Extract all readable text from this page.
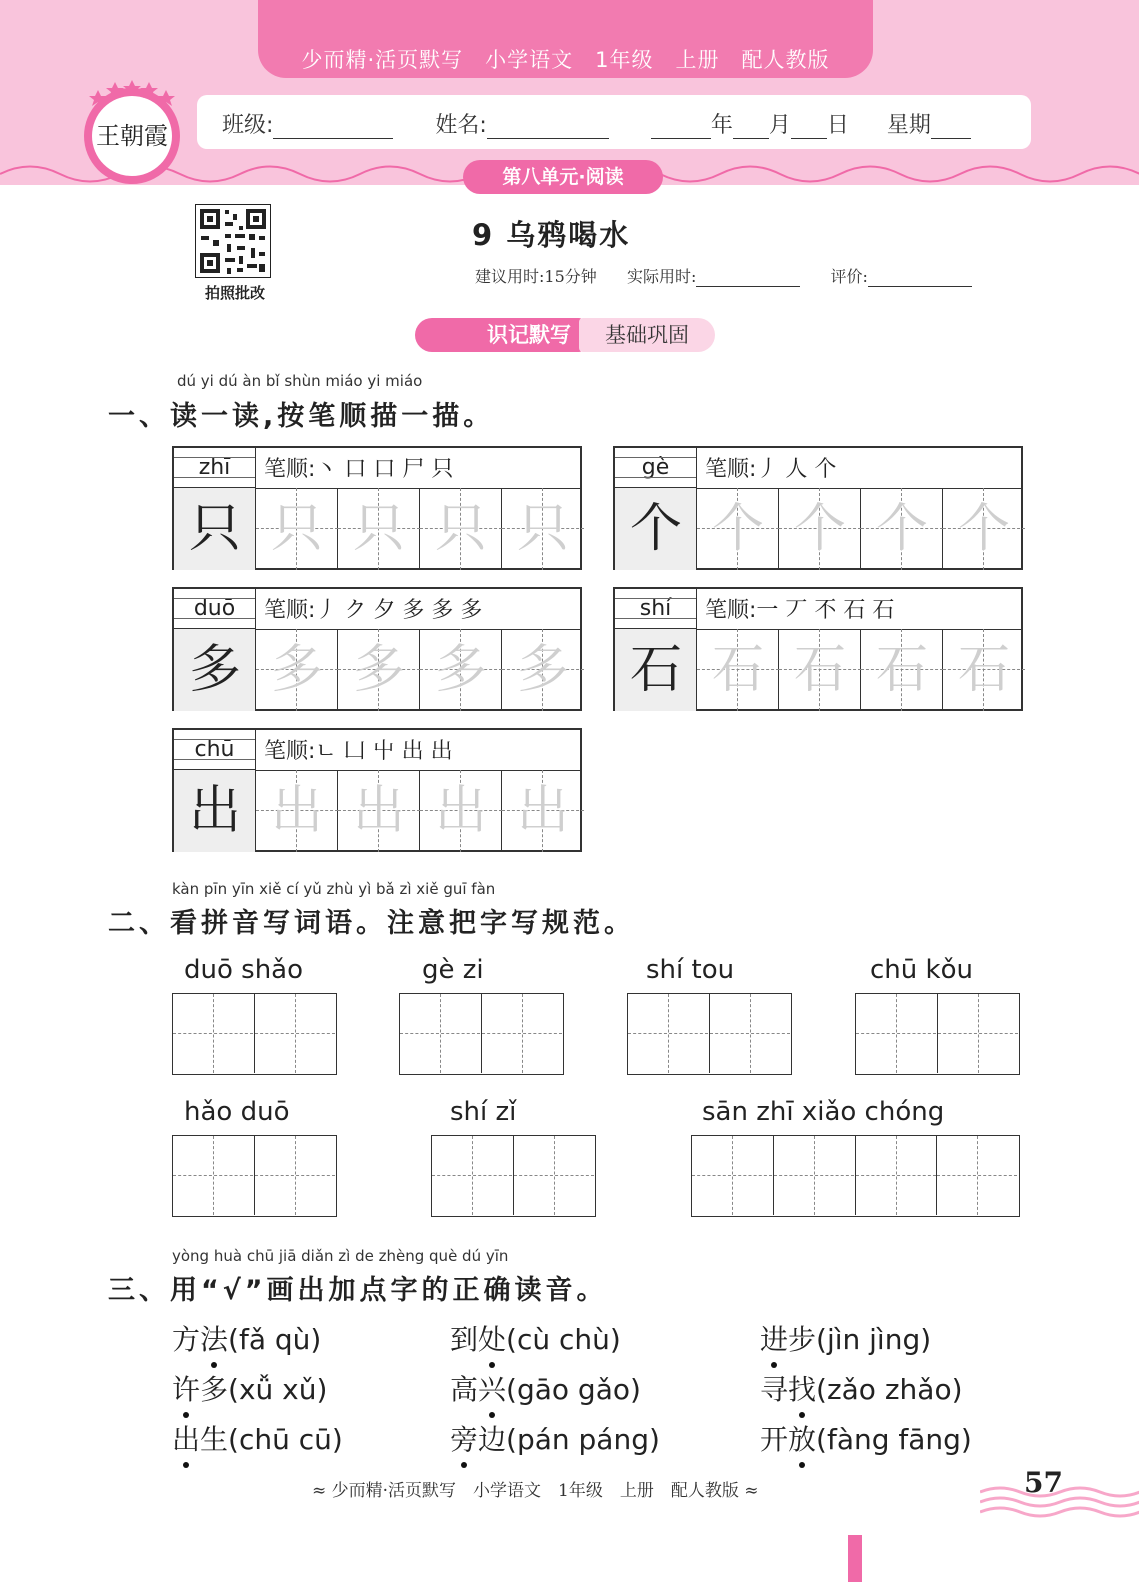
少而精·活页默写　小学语文　1年级　上册　配人教版
王朝霞 班级:	姓名:	年 月 日 星期
第八单元·阅读
拍照批改
9 乌鸦喝水
建议用时:15分钟 实际用时:	评价:
识记默写	基础巩固
dú yi dú àn bǐ shùn miáo yi miáo
一、读一读,按笔顺描一描。
zhī	笔顺:丶 口 口 尸 只
只 只 只 只 只
gè	笔顺:丿 人 个
个 个 个 个 个
duō	笔顺:丿 ク 夕 多 多 多
多 多 多 多 多
shí	笔顺:一 丆 不 石 石
石 石 石 石 石
chū	笔顺:ㄴ 凵 屮 出 出
出 出 出 出 出
kàn pīn yīn xiě cí yǔ zhù yì bǎ zì xiě guī fàn
二、看拼音写词语。注意把字写规范。
duō shǎo	gè zi	shí tou	chū kǒu
hǎo duō	shí zǐ	sān zhī xiǎo chóng
yòng huà chū jiā diǎn zì de zhèng què dú yīn
三、用“√”画出加点字的正确读音。
方法(fǎ qù)	到处(cù chù)	进步(jìn jìng)
许多(xǚ xǔ)	高兴(gāo gǎo)	寻找(zǎo zhǎo)
出生(chū cū)	旁边(pán páng)	开放(fàng fāng)
≈ 少而精·活页默写　小学语文　1年级　上册　配人教版 ≈	57
